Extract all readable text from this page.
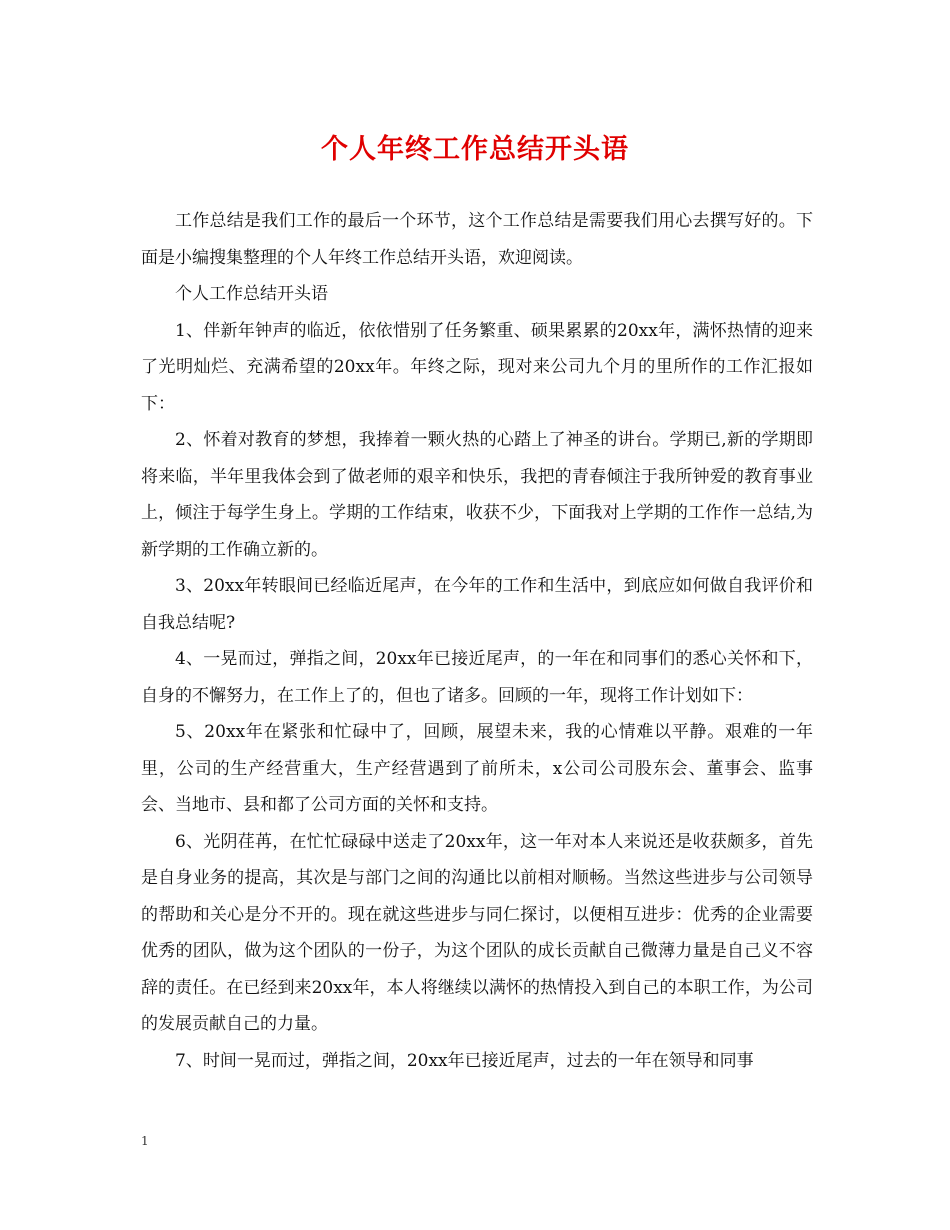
个人年终工作总结开头语

工作总结是我们工作的最后一个环节，这个工作总结是需要我们用心去撰写好的。下面是小编搜集整理的个人年终工作总结开头语，欢迎阅读。

个人工作总结开头语

1、伴新年钟声的临近，依依惜别了任务繁重、硕果累累的20xx年，满怀热情的迎来了光明灿烂、充满希望的20xx年。年终之际，现对来公司九个月的里所作的工作汇报如下：

2、怀着对教育的梦想，我捧着一颗火热的心踏上了神圣的讲台。学期已,新的学期即将来临，半年里我体会到了做老师的艰辛和快乐，我把的青春倾注于我所钟爱的教育事业上，倾注于每学生身上。学期的工作结束，收获不少，下面我对上学期的工作作一总结,为新学期的工作确立新的。

3、20xx年转眼间已经临近尾声，在今年的工作和生活中，到底应如何做自我评价和自我总结呢?

4、一晃而过，弹指之间，20xx年已接近尾声，的一年在和同事们的悉心关怀和下，自身的不懈努力，在工作上了的，但也了诸多。回顾的一年，现将工作计划如下：

5、20xx年在紧张和忙碌中了，回顾，展望未来，我的心情难以平静。艰难的一年里，公司的生产经营重大，生产经营遇到了前所未，x公司公司股东会、董事会、监事会、当地市、县和都了公司方面的关怀和支持。

6、光阴荏苒，在忙忙碌碌中送走了20xx年，这一年对本人来说还是收获颇多，首先是自身业务的提高，其次是与部门之间的沟通比以前相对顺畅。当然这些进步与公司领导的帮助和关心是分不开的。现在就这些进步与同仁探讨，以便相互进步：优秀的企业需要优秀的团队，做为这个团队的一份子，为这个团队的成长贡献自己微薄力量是自己义不容辞的责任。在已经到来20xx年，本人将继续以满怀的热情投入到自己的本职工作，为公司的发展贡献自己的力量。

7、时间一晃而过，弹指之间，20xx年已接近尾声，过去的一年在领导和同事

1
